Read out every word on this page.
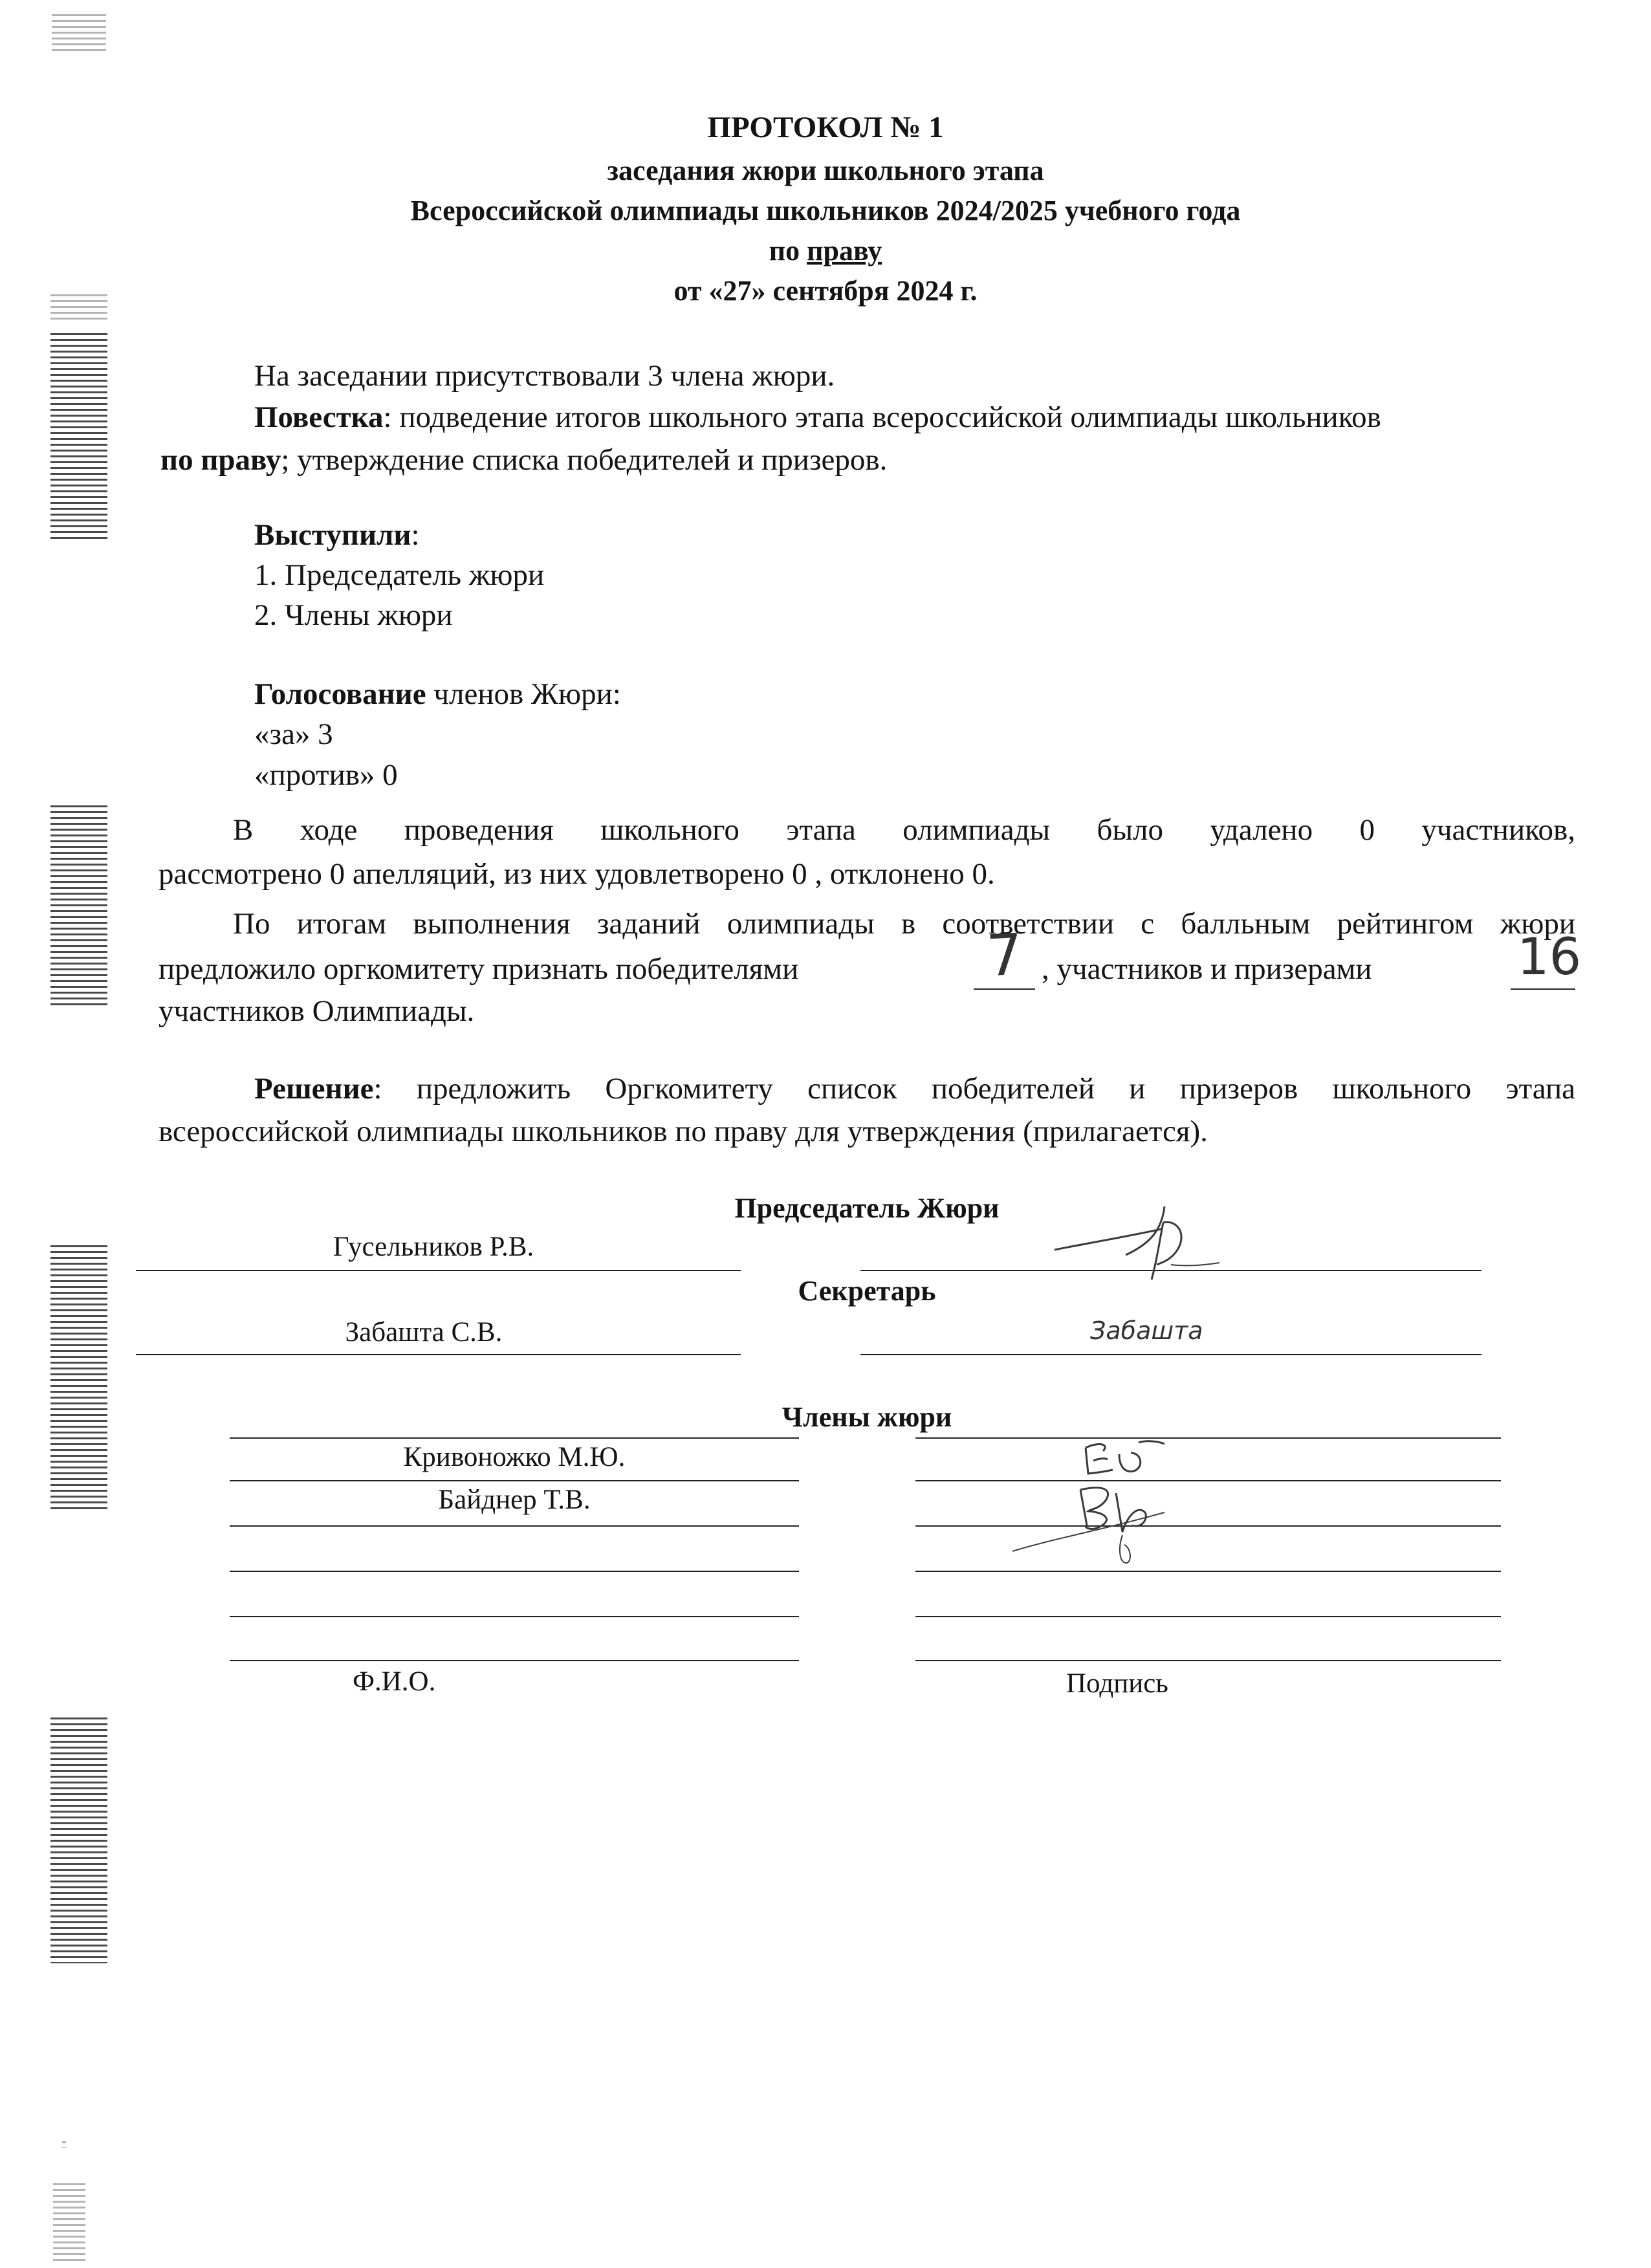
ПРОТОКОЛ № 1
заседания жюри школьного этапа
Всероссийской олимпиады школьников 2024/2025 учебного года
по праву
от «27» сентября 2024 г.
На заседании присутствовали 3 члена жюри.
Повестка: подведение итогов школьного этапа всероссийской олимпиады школьников
по праву; утверждение списка победителей и призеров.
Выступили:
1. Председатель жюри
2. Члены жюри
Голосование членов Жюри:
«за» 3
«против» 0
В ходе проведения школьного этапа олимпиады было удалено 0 участников,
рассмотрено 0 апелляций, из них удовлетворено 0 , отклонено 0.
По итогам выполнения заданий олимпиады в соответствии с балльным рейтингом жюри
предложило оргкомитету признать победителями	7 , участников и призерами	16
участников Олимпиады.
Решение: предложить Оргкомитету список победителей и призеров школьного этапа
всероссийской олимпиады школьников по праву для утверждения (прилагается).
Председатель Жюри
Гусельников Р.В.
Секретарь
Забашта С.В.	Забашта
Члены жюри
Кривоножко М.Ю.
Байднер Т.В.
Ф.И.О.	Подпись
